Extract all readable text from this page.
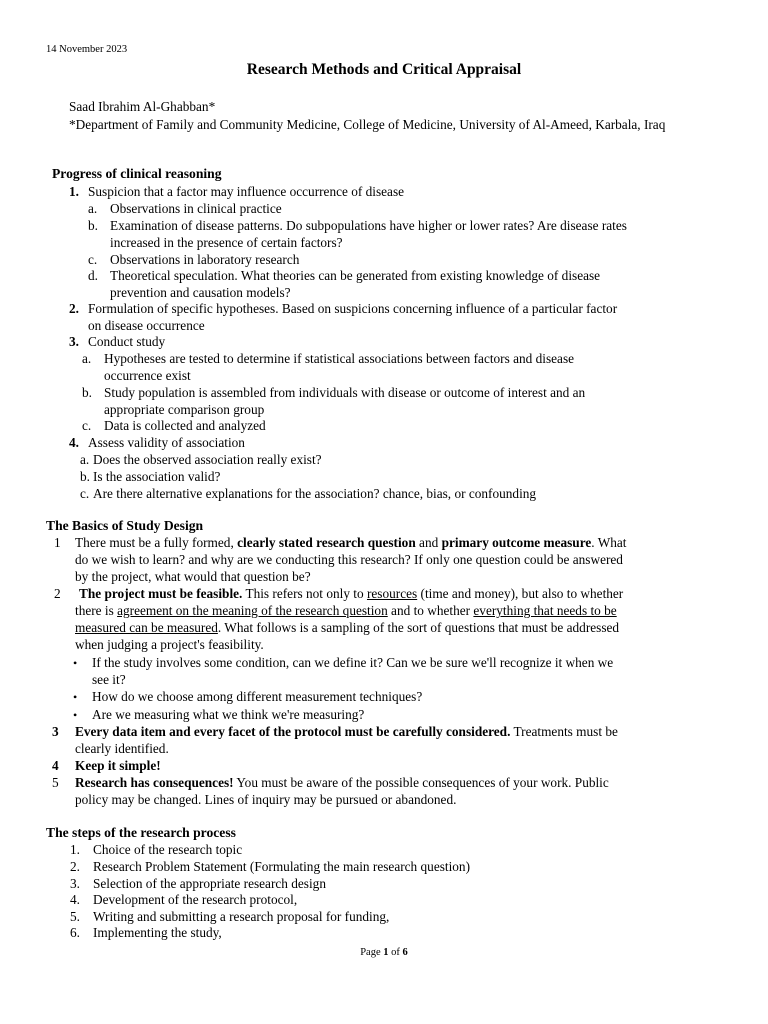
14 November 2023
Research Methods and Critical Appraisal
Saad Ibrahim Al-Ghabban*
*Department of Family and Community Medicine, College of Medicine, University of Al-Ameed, Karbala, Iraq
Progress of clinical reasoning
1. Suspicion that a factor may influence occurrence of disease
a. Observations in clinical practice
b. Examination of disease patterns. Do subpopulations have higher or lower rates? Are disease rates
increased in the presence of certain factors?
c. Observations in laboratory research
d. Theoretical speculation. What theories can be generated from existing knowledge of disease
prevention and causation models?
2. Formulation of specific hypotheses. Based on suspicions concerning influence of a particular factor
on disease occurrence
3. Conduct study
a. Hypotheses are tested to determine if statistical associations between factors and disease
occurrence exist
b. Study population is assembled from individuals with disease or outcome of interest and an
appropriate comparison group
c. Data is collected and analyzed
4. Assess validity of association
a. Does the observed association really exist?
b. Is the association valid?
c. Are there alternative explanations for the association? chance, bias, or confounding
The Basics of Study Design
1 There must be a fully formed, clearly stated research question and primary outcome measure. What
do we wish to learn? and why are we conducting this research? If only one question could be answered
by the project, what would that question be?
2 The project must be feasible. This refers not only to resources (time and money), but also to whether
there is agreement on the meaning of the research question and to whether everything that needs to be
measured can be measured. What follows is a sampling of the sort of questions that must be addressed
when judging a project's feasibility.
• If the study involves some condition, can we define it? Can we be sure we'll recognize it when we
see it?
• How do we choose among different measurement techniques?
• Are we measuring what we think we're measuring?
3 Every data item and every facet of the protocol must be carefully considered. Treatments must be
clearly identified.
4 Keep it simple!
5 Research has consequences! You must be aware of the possible consequences of your work. Public
policy may be changed. Lines of inquiry may be pursued or abandoned.
The steps of the research process
1. Choice of the research topic
2. Research Problem Statement (Formulating the main research question)
3. Selection of the appropriate research design
4. Development of the research protocol,
5. Writing and submitting a research proposal for funding,
6. Implementing the study,
Page 1 of 6
